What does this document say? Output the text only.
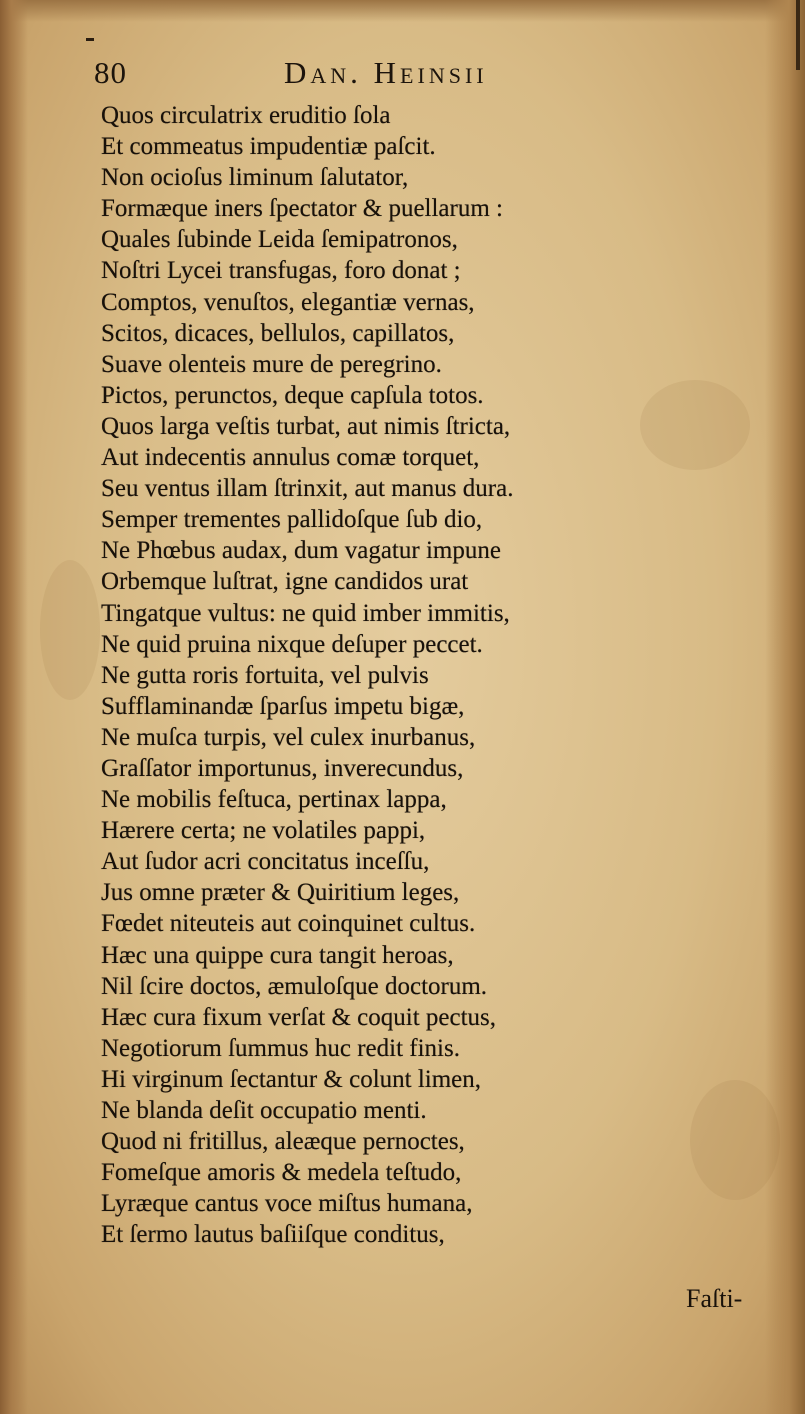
80	Dan. Heinsii
Quos circulatrix eruditio ſola
Et commeatus impudentiæ paſcit.
Non ocioſus liminum ſalutator,
Formæque iners ſpectator & puellarum :
Quales ſubinde Leida ſemipatronos,
Noſtri Lycei transfugas, foro donat ;
Comptos, venuſtos, elegantiæ vernas,
Scitos, dicaces, bellulos, capillatos,
Suave olenteis mure de peregrino.
Pictos, perunctos, deque capſula totos.
Quos larga veſtis turbat, aut nimis ſtricta,
Aut indecentis annulus comæ torquet,
Seu ventus illam ſtrinxit, aut manus dura.
Semper trementes pallidoſque ſub dio,
Ne Phœbus audax, dum vagatur impune
Orbemque luſtrat, igne candidos urat
Tingatque vultus: ne quid imber immitis,
Ne quid pruina nixque deſuper peccet.
Ne gutta roris fortuita, vel pulvis
Sufflaminandæ ſparſus impetu bigæ,
Ne muſca turpis, vel culex inurbanus,
Graſſator importunus, inverecundus,
Ne mobilis feſtuca, pertinax lappa,
Hærere certa; ne volatiles pappi,
Aut ſudor acri concitatus inceſſu,
Jus omne præter & Quiritium leges,
Fœdet niteuteis aut coinquinet cultus.
Hæc una quippe cura tangit heroas,
Nil ſcire doctos, æmuloſque doctorum.
Hæc cura fixum verſat & coquit pectus,
Negotiorum ſummus huc redit finis.
Hi virginum ſectantur & colunt limen,
Ne blanda deſit occupatio menti.
Quod ni fritillus, aleæque pernoctes,
Fomeſque amoris & medela teſtudo,
Lyræque cantus voce miſtus humana,
Et ſermo lautus baſiiſque conditus,
Faſti-
